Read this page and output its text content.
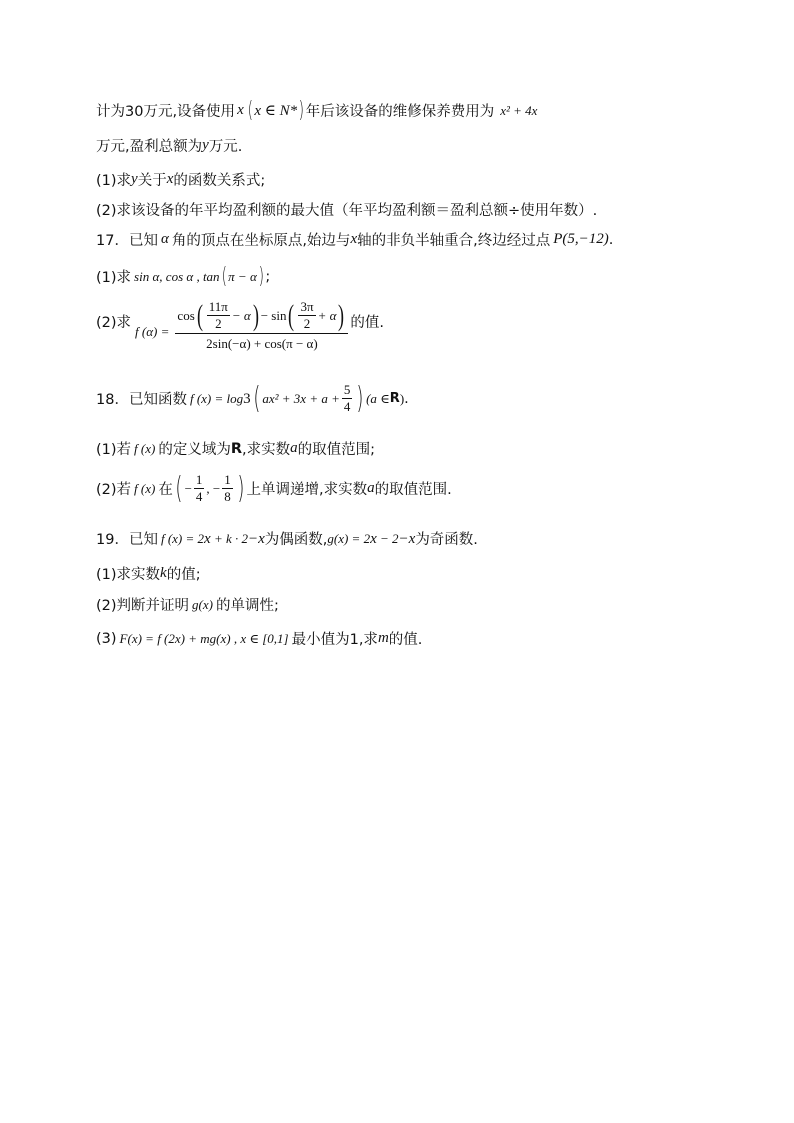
计为30万元,设备使用 x ( x ∈ N * ) 年后该设备的维修保养费用为 x² + 4x
万元,盈利总额为 y 万元.
(1)求 y 关于 x 的函数关系式;
(2)求该设备的年平均盈利额的最大值（年平均盈利额＝盈利总额÷使用年数）.
17．已知 α 角的顶点在坐标原点,始边与 x 轴的非负半轴重合,终边经过点 P(5,−12) .
(1)求 sin α , cos α , tan ( π − α ) ;
(2)求
f (α) =
cos ( $\frac{11\pi}{2} - \alpha$ ) − sin ( $\frac{3\pi}{2} + \alpha$ )
2sin(−α) + cos(π − α)
的值.
18．已知函数 f (x) = log 3 ( $ax^2 + 3x + a + \frac{5}{4}$ ) (a ∈ R ) .
(1)若 f (x) 的定义域为 R ,求实数 a 的取值范围;
(2)若 f (x) 在 ( − $\frac{1}{4}$ , − $\frac{1}{8}$ ) 上单调递增,求实数 a 的取值范围.
19．已知 f (x) = 2 x + k · 2 −x 为偶函数, g(x) = 2 x − 2 −x 为奇函数.
(1)求实数 k 的值;
(2)判断并证明 g(x) 的单调性;
(3) F(x) = f (2x) + mg(x) , x ∈ [0,1] 最小值为1,求 m 的值.
